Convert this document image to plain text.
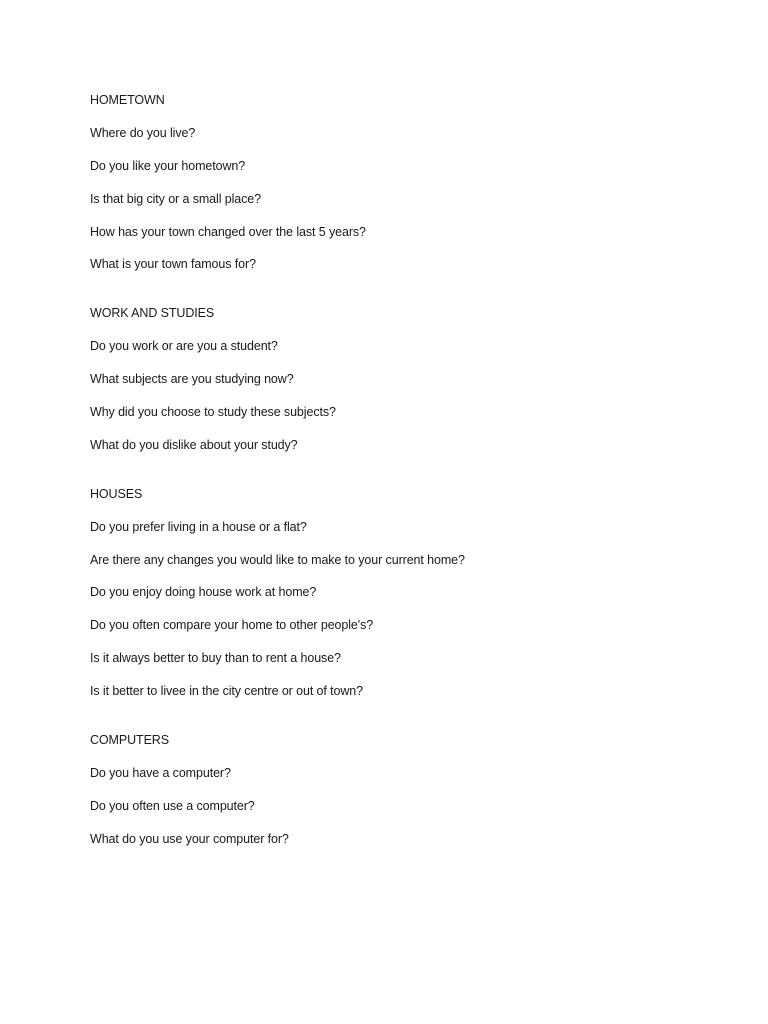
HOMETOWN
Where do you live?
Do you like your hometown?
Is that big city or a small place?
How has your town changed over the last 5 years?
What is your town famous for?
WORK AND STUDIES
Do you work or are you a student?
What subjects are you studying now?
Why did you choose to study these subjects?
What do you dislike about your study?
HOUSES
Do you prefer living in a house or a flat?
Are there any changes you would like to make to your current home?
Do you enjoy doing house work at home?
Do you often compare your home to other people's?
Is it always better to buy than to rent a house?
Is it better to livee in the city centre or out of town?
COMPUTERS
Do you have a computer?
Do you often use a computer?
What do you use your computer for?
